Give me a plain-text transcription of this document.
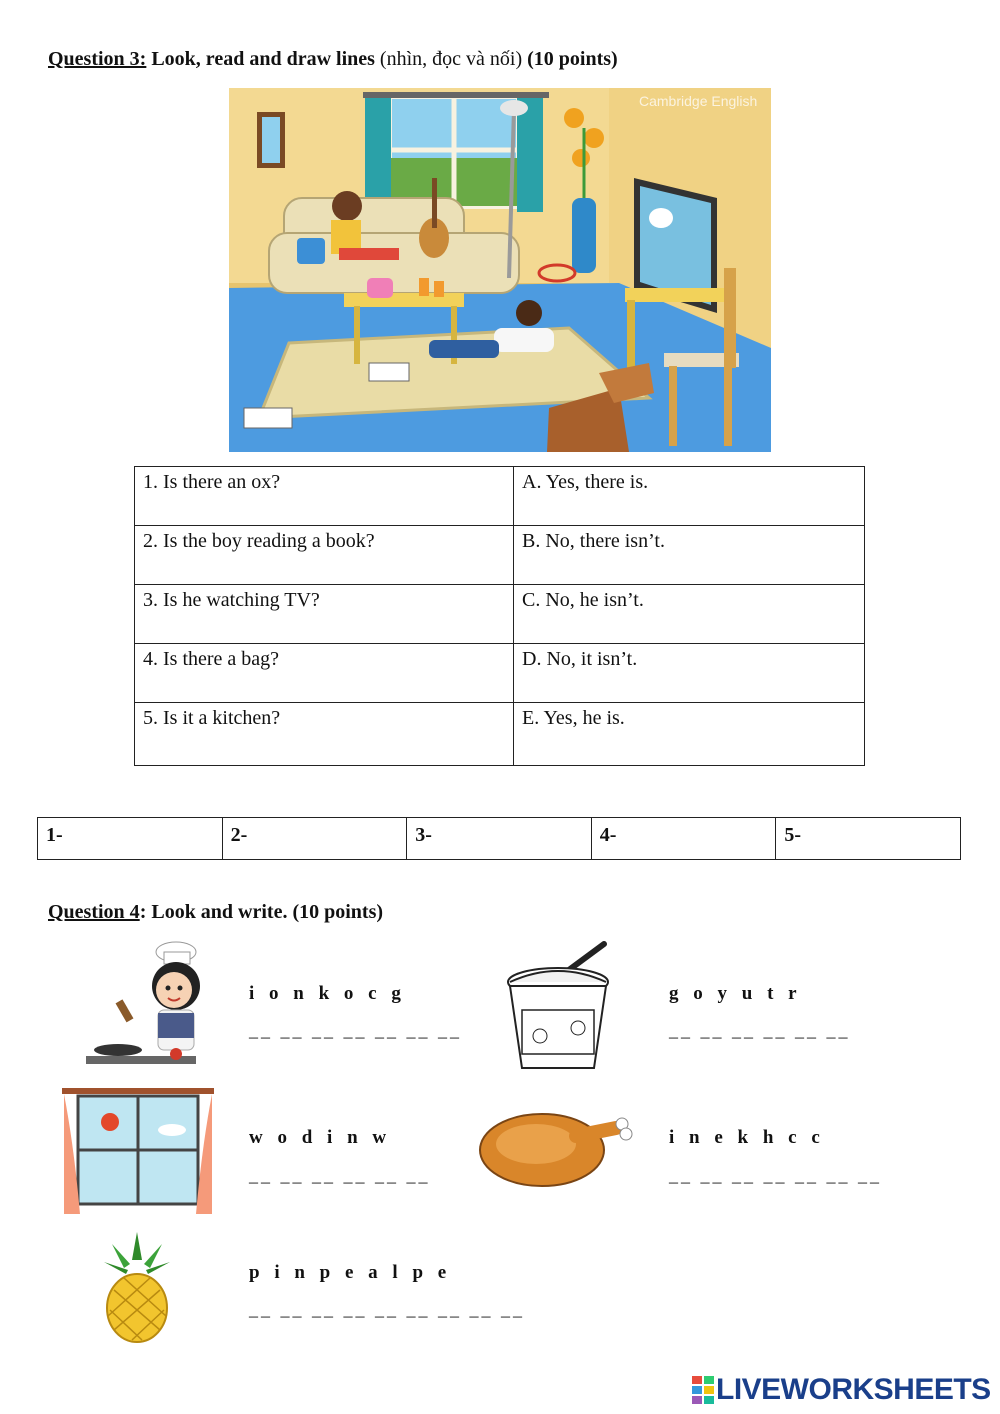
Question 3: Look, read and draw lines (nhìn, đọc và nối) (10 points)
Cambridge English
1. Is there an ox?	A. Yes, there is.
2. Is the boy reading a book?	B. No, there isn’t.
3. Is he watching TV?	C. No, he isn’t.
4. Is there a bag?	D. No, it isn’t.
5. Is it a kitchen?	E. Yes, he is.
1-	2-	3-	4-	5-
Question 4: Look and write. (10 points)
i o n k o c g
__ __ __ __ __ __ __
g o y u t r
__ __ __ __ __ __
w o d i n w
__ __ __ __ __ __
i n e k h c c
__ __ __ __ __ __ __
p i n p e a l p e
__ __ __ __ __ __ __ __ __
LIVEWORKSHEETS
